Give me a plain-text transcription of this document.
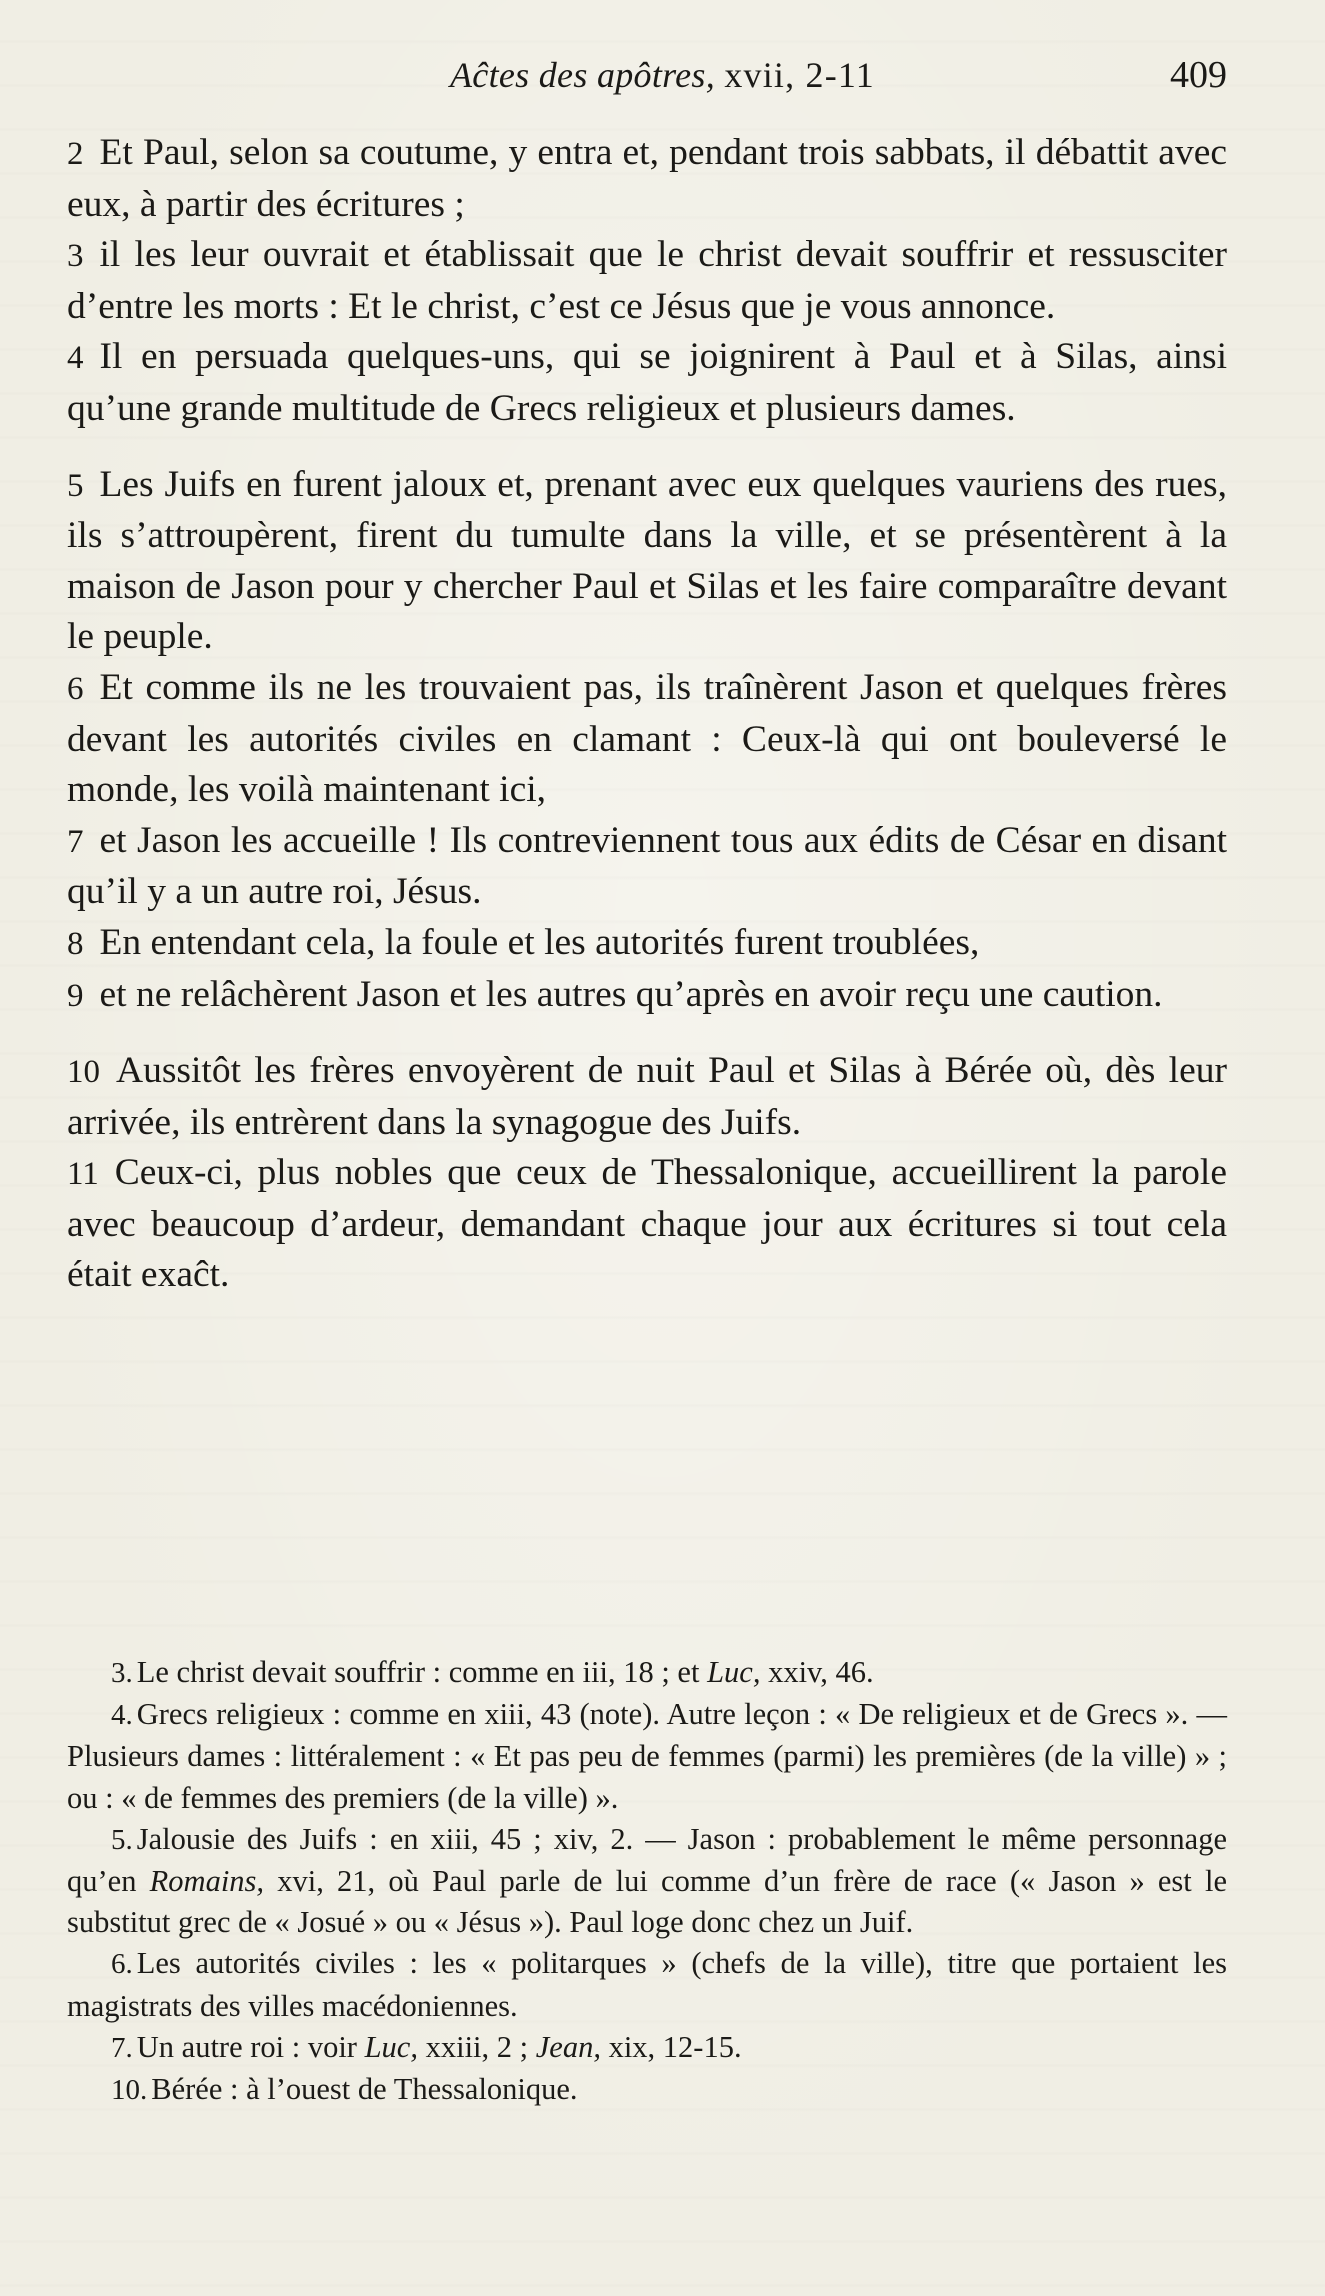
Aĉtes des apôtres, xvii, 2-11	409

2 Et Paul, selon sa coutume, y entra et, pendant trois sabbats, il débattit avec eux, à partir des écritures ;

3 il les leur ouvrait et établissait que le christ devait souffrir et ressusciter d’entre les morts : Et le christ, c’est ce Jésus que je vous annonce.

4 Il en persuada quelques-uns, qui se joignirent à Paul et à Silas, ainsi qu’une grande multitude de Grecs religieux et plusieurs dames.

5 Les Juifs en furent jaloux et, prenant avec eux quelques vauriens des rues, ils s’attroupèrent, firent du tumulte dans la ville, et se présentèrent à la maison de Jason pour y chercher Paul et Silas et les faire comparaître devant le peuple.

6 Et comme ils ne les trouvaient pas, ils traînèrent Jason et quelques frères devant les autorités civiles en clamant : Ceux-là qui ont bouleversé le monde, les voilà maintenant ici,

7 et Jason les accueille ! Ils contreviennent tous aux édits de César en disant qu’il y a un autre roi, Jésus.

8 En entendant cela, la foule et les autorités furent troublées,

9 et ne relâchèrent Jason et les autres qu’après en avoir reçu une caution.

10 Aussitôt les frères envoyèrent de nuit Paul et Silas à Bérée où, dès leur arrivée, ils entrèrent dans la synagogue des Juifs.

11 Ceux-ci, plus nobles que ceux de Thessalonique, accueillirent la parole avec beaucoup d’ardeur, demandant chaque jour aux écritures si tout cela était exaĉt.

3. Le christ devait souffrir : comme en iii, 18 ; et Luc, xxiv, 46.

4. Grecs religieux : comme en xiii, 43 (note). Autre leçon : « De religieux et de Grecs ». — Plusieurs dames : littéralement : « Et pas peu de femmes (parmi) les premières (de la ville) » ; ou : « de femmes des premiers (de la ville) ».

5. Jalousie des Juifs : en xiii, 45 ; xiv, 2. — Jason : probablement le même personnage qu’en Romains, xvi, 21, où Paul parle de lui comme d’un frère de race (« Jason » est le substitut grec de « Josué » ou « Jésus »). Paul loge donc chez un Juif.

6. Les autorités civiles : les « politarques » (chefs de la ville), titre que portaient les magistrats des villes macédoniennes.

7. Un autre roi : voir Luc, xxiii, 2 ; Jean, xix, 12-15.

10. Bérée : à l’ouest de Thessalonique.
